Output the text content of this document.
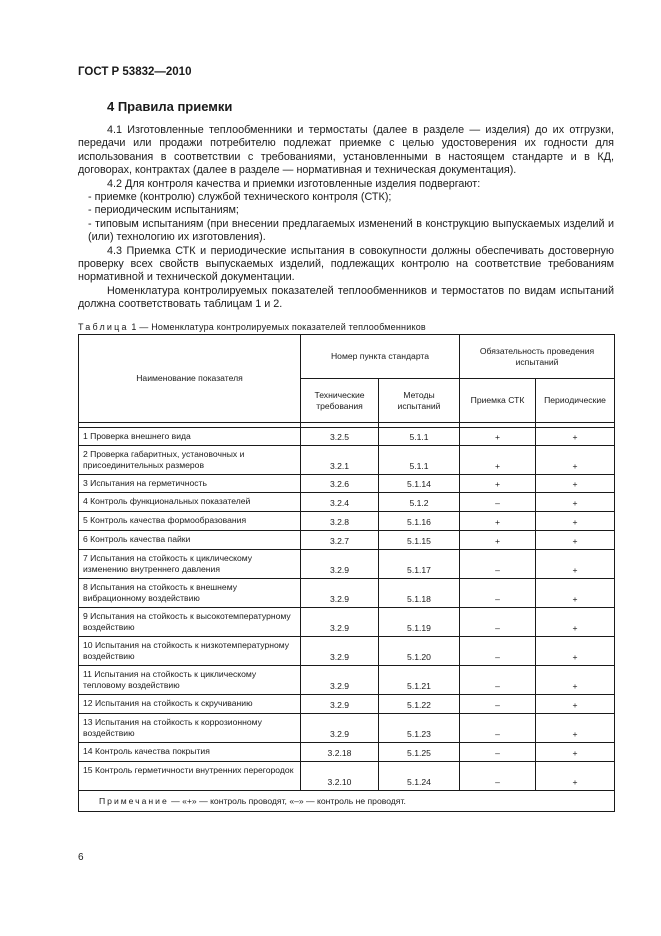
ГОСТ Р 53832—2010
4 Правила приемки

4.1 Изготовленные теплообменники и термостаты (далее в разделе — изделия) до их отгрузки, передачи или продажи потребителю подлежат приемке с целью удостоверения их годности для использования в соответствии с требованиями, установленными в настоящем стандарте и в КД, договорах, контрактах (далее в разделе — нормативная и техническая документация).

4.2 Для контроля качества и приемки изготовленные изделия подвергают:

- приемке (контролю) службой технического контроля (СТК);

- периодическим испытаниям;

- типовым испытаниям (при внесении предлагаемых изменений в конструкцию выпускаемых изделий и (или) технологию их изготовления).

4.3 Приемка СТК и периодические испытания в совокупности должны обеспечивать достоверную проверку всех свойств выпускаемых изделий, подлежащих контролю на соответствие требованиям нормативной и технической документации.

Номенклатура контролируемых показателей теплообменников и термостатов по видам испытаний должна соответствовать таблицам 1 и 2.

Таблица 1 — Номенклатура контролируемых показателей теплообменников
Наименование показателя	Номер пункта стандарта		Обязательность проведения испытаний	
	Технические требования	Методы испытаний	Приемка СТК	Периодические

1 Проверка внешнего вида	3.2.5	5.1.1	+	+
2 Проверка габаритных, установочных и присоединительных размеров	3.2.1	5.1.1	+	+
3 Испытания на герметичность	3.2.6	5.1.14	+	+
4 Контроль функциональных показателей	3.2.4	5.1.2	–	+
5 Контроль качества формообразования	3.2.8	5.1.16	+	+
6 Контроль качества пайки	3.2.7	5.1.15	+	+
7 Испытания на стойкость к циклическому изменению внутреннего давления	3.2.9	5.1.17	–	+
8 Испытания на стойкость к внешнему вибрационному воздействию	3.2.9	5.1.18	–	+
9 Испытания на стойкость к высокотемпературному воздействию	3.2.9	5.1.19	–	+
10 Испытания на стойкость к низкотемпературному воздействию	3.2.9	5.1.20	–	+
11 Испытания на стойкость к циклическому тепловому воздействию	3.2.9	5.1.21	–	+
12 Испытания на стойкость к скручиванию	3.2.9	5.1.22	–	+
13 Испытания на стойкость к коррозионному воздействию	3.2.9	5.1.23	–	+
14 Контроль качества покрытия	3.2.18	5.1.25	–	+
15 Контроль герметичности внутренних перегородок	3.2.10	5.1.24	–	+
Примечание — «+» — контроль проводят, «–» — контроль не проводят.				
6
